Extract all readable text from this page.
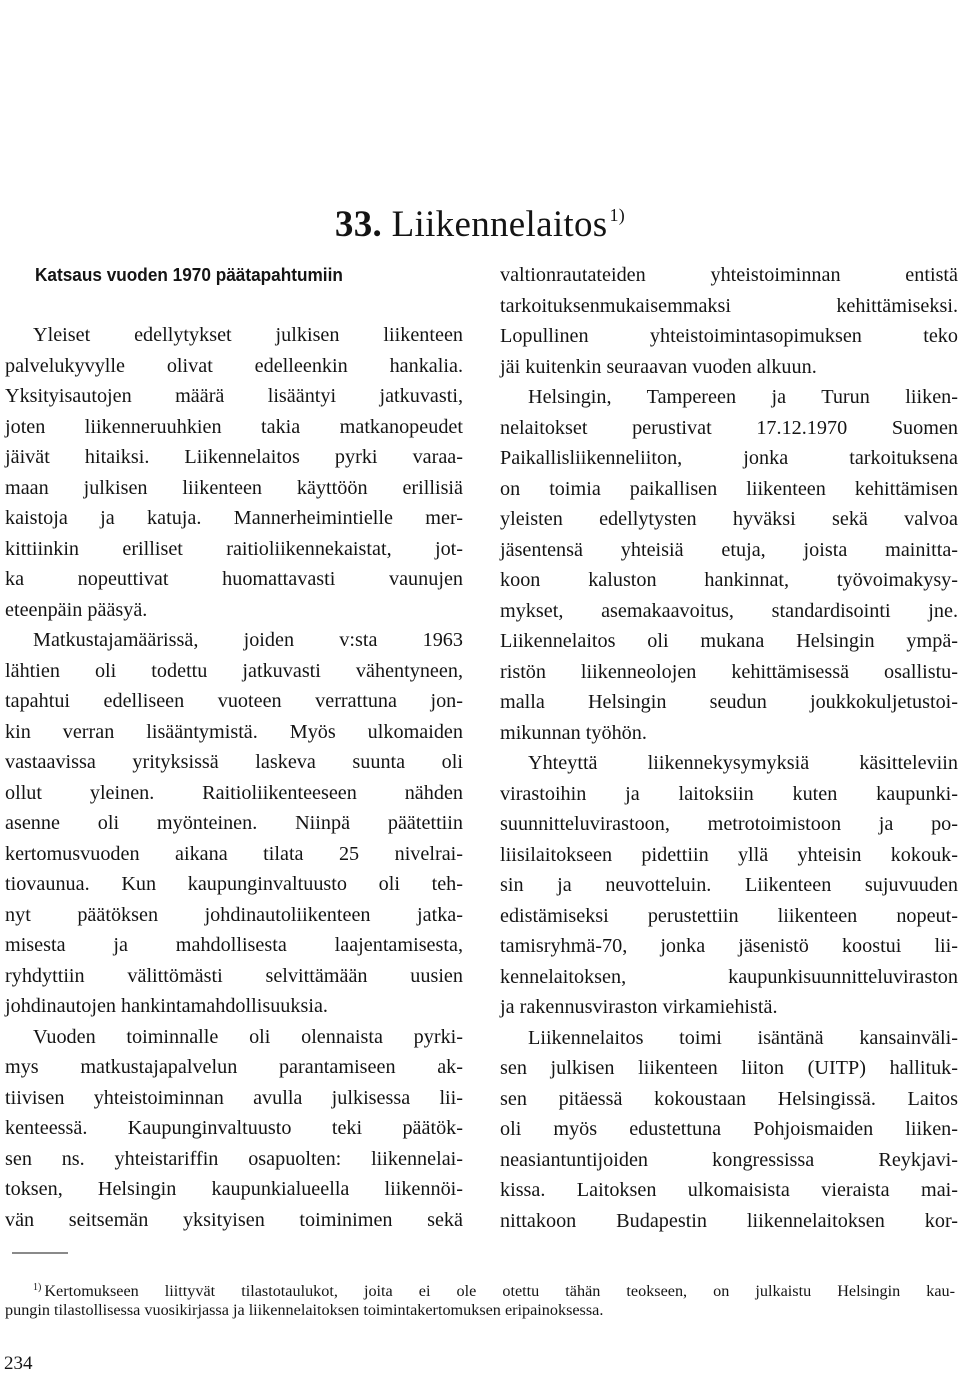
33. Liikennelaitos $^{1)}$
Katsaus vuoden 1970 päätapahtumiin
Yleiset edellytykset julkisen liikenteen
palvelukyvylle olivat edelleenkin hankalia.
Yksityisautojen määrä lisääntyi jatkuvasti,
joten liikenneruuhkien takia matkanopeudet
jäivät hitaiksi. Liikennelaitos pyrki varaa-
maan julkisen liikenteen käyttöön erillisiä
kaistoja ja katuja. Mannerheimintielle mer-
kittiinkin erilliset raitioliikennekaistat, jot-
ka nopeuttivat huomattavasti vaunujen
eteenpäin pääsyä.
Matkustajamäärissä, joiden v:sta 1963
lähtien oli todettu jatkuvasti vähentyneen,
tapahtui edelliseen vuoteen verrattuna jon-
kin verran lisääntymistä. Myös ulkomaiden
vastaavissa yrityksissä laskeva suunta oli
ollut yleinen. Raitioliikenteeseen nähden
asenne oli myönteinen. Niinpä päätettiin
kertomusvuoden aikana tilata 25 nivelrai-
tiovaunua. Kun kaupunginvaltuusto oli teh-
nyt päätöksen johdinautoliikenteen jatka-
misesta ja mahdollisesta laajentamisesta,
ryhdyttiin välittömästi selvittämään uusien
johdinautojen hankintamahdollisuuksia.
Vuoden toiminnalle oli olennaista pyrki-
mys matkustajapalvelun parantamiseen ak-
tiivisen yhteistoiminnan avulla julkisessa lii-
kenteessä. Kaupunginvaltuusto teki päätök-
sen ns. yhteistariffin osapuolten: liikennelai-
toksen, Helsingin kaupunkialueella liikennöi-
vän seitsemän yksityisen toiminimen sekä
valtionrautateiden yhteistoiminnan entistä
tarkoituksenmukaisemmaksi kehittämiseksi.
Lopullinen yhteistoimintasopimuksen teko
jäi kuitenkin seuraavan vuoden alkuun.
Helsingin, Tampereen ja Turun liiken-
nelaitokset perustivat 17.12.1970 Suomen
Paikallisliikenneliiton, jonka tarkoituksena
on toimia paikallisen liikenteen kehittämisen
yleisten edellytysten hyväksi sekä valvoa
jäsentensä yhteisiä etuja, joista mainitta-
koon kaluston hankinnat, työvoimakysy-
mykset, asemakaavoitus, standardisointi jne.
Liikennelaitos oli mukana Helsingin ympä-
ristön liikenneolojen kehittämisessä osallistu-
malla Helsingin seudun joukkokuljetustoi-
mikunnan työhön.
Yhteyttä liikennekysymyksiä käsitteleviin
virastoihin ja laitoksiin kuten kaupunki-
suunnitteluvirastoon, metrotoimistoon ja po-
liisilaitokseen pidettiin yllä yhteisin kokouk-
sin ja neuvotteluin. Liikenteen sujuvuuden
edistämiseksi perustettiin liikenteen nopeut-
tamisryhmä-70, jonka jäsenistö koostui lii-
kennelaitoksen, kaupunkisuunnitteluviraston
ja rakennusviraston virkamiehistä.
Liikennelaitos toimi isäntänä kansainväli-
sen julkisen liikenteen liiton (UITP) hallituk-
sen pitäessä kokoustaan Helsingissä. Laitos
oli myös edustettuna Pohjoismaiden liiken-
neasiantuntijoiden kongressissa Reykjavi-
kissa. Laitoksen ulkomaisista vieraista mai-
nittakoon Budapestin liikennelaitoksen kor-
$^{1)}$ Kertomukseen liittyvät tilastotaulukot, joita ei ole otettu tähän teokseen, on julkaistu Helsingin kau-
pungin tilastollisessa vuosikirjassa ja liikennelaitoksen toimintakertomuksen eripainoksessa.
234
